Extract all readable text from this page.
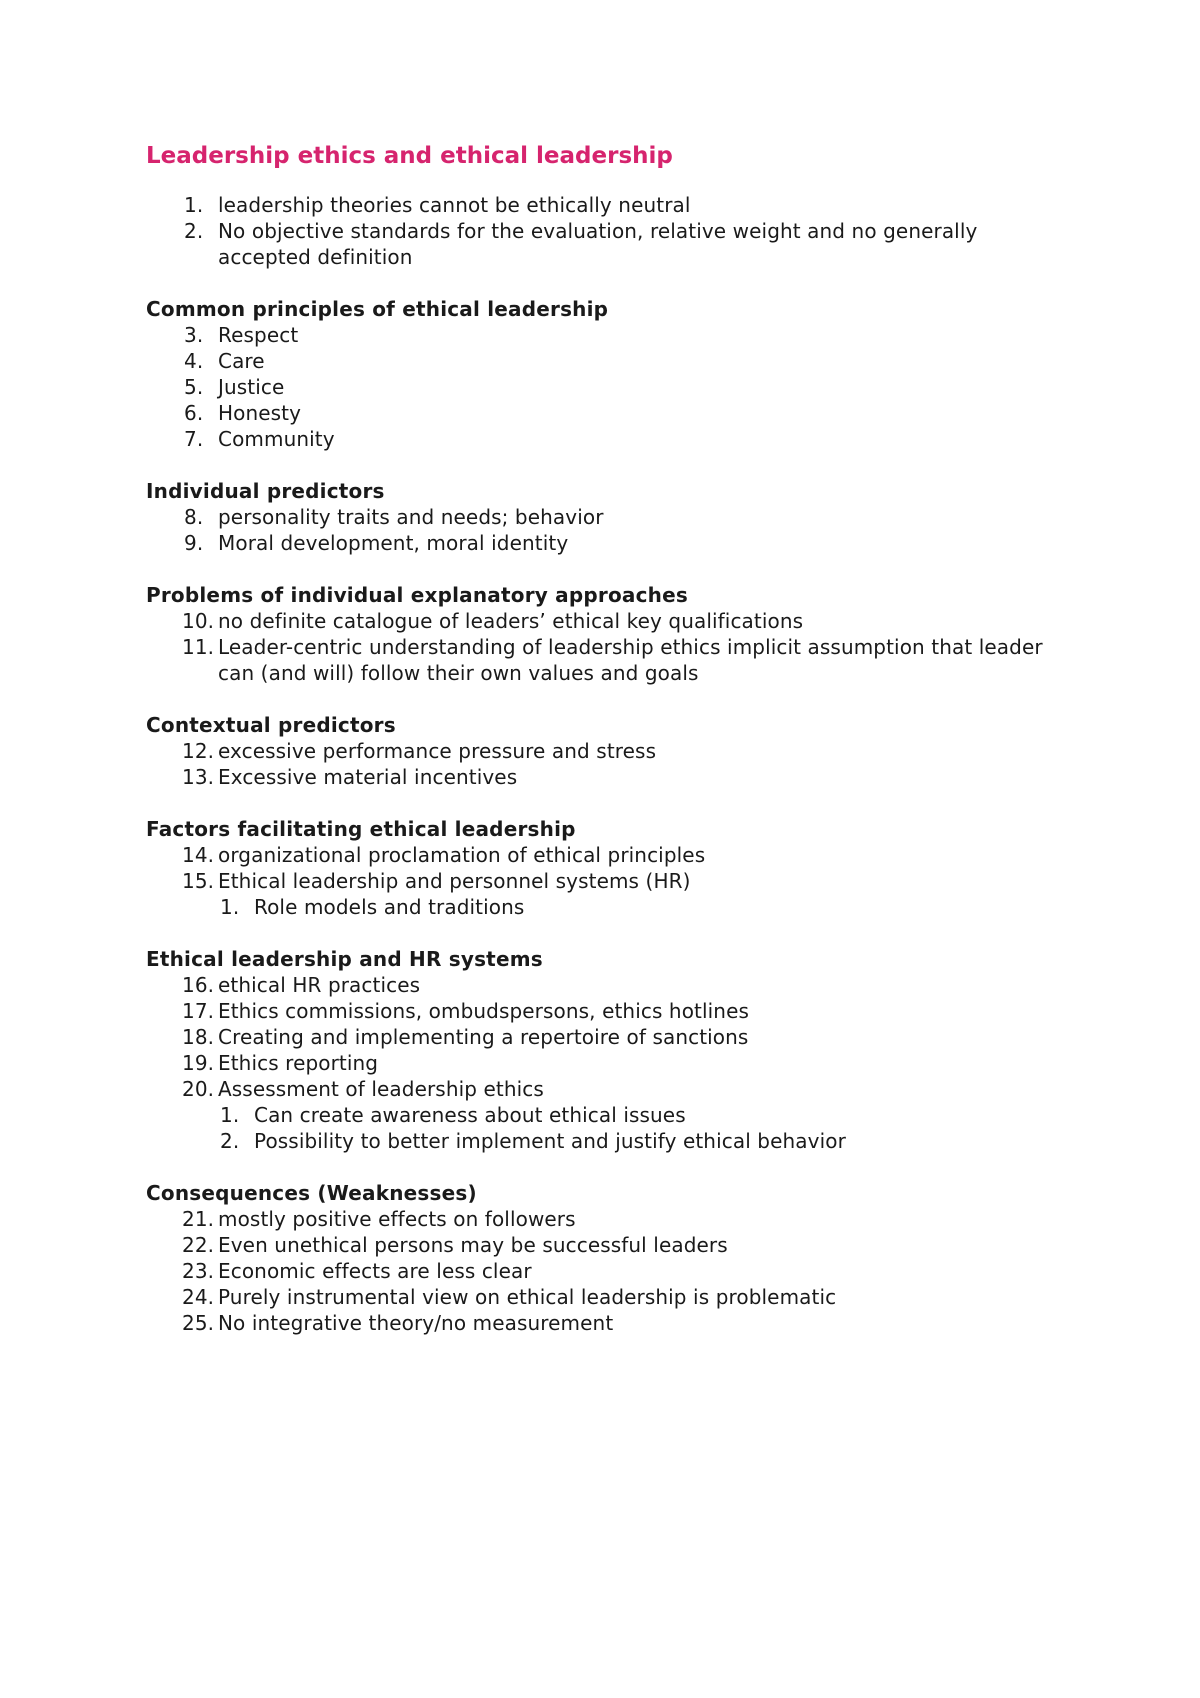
Leadership ethics and ethical leadership
1. leadership theories cannot be ethically neutral
2. No objective standards for the evaluation, relative weight and no generally accepted definition
Common principles of ethical leadership
3. Respect
4. Care
5. Justice
6. Honesty
7. Community
Individual predictors
8. personality traits and needs; behavior
9. Moral development, moral identity
Problems of individual explanatory approaches
10. no definite catalogue of leaders’ ethical key qualifications
11. Leader-centric understanding of leadership ethics implicit assumption that leader can (and will) follow their own values and goals
Contextual predictors
12. excessive performance pressure and stress
13. Excessive material incentives
Factors facilitating ethical leadership
14. organizational proclamation of ethical principles
15. Ethical leadership and personnel systems (HR)
1. Role models and traditions
Ethical leadership and HR systems
16. ethical HR practices
17. Ethics commissions, ombudspersons, ethics hotlines
18. Creating and implementing a repertoire of sanctions
19. Ethics reporting
20. Assessment of leadership ethics
1. Can create awareness about ethical issues
2. Possibility to better implement and justify ethical behavior
Consequences (Weaknesses)
21. mostly positive effects on followers
22. Even unethical persons may be successful leaders
23. Economic effects are less clear
24. Purely instrumental view on ethical leadership is problematic
25. No integrative theory/no measurement
